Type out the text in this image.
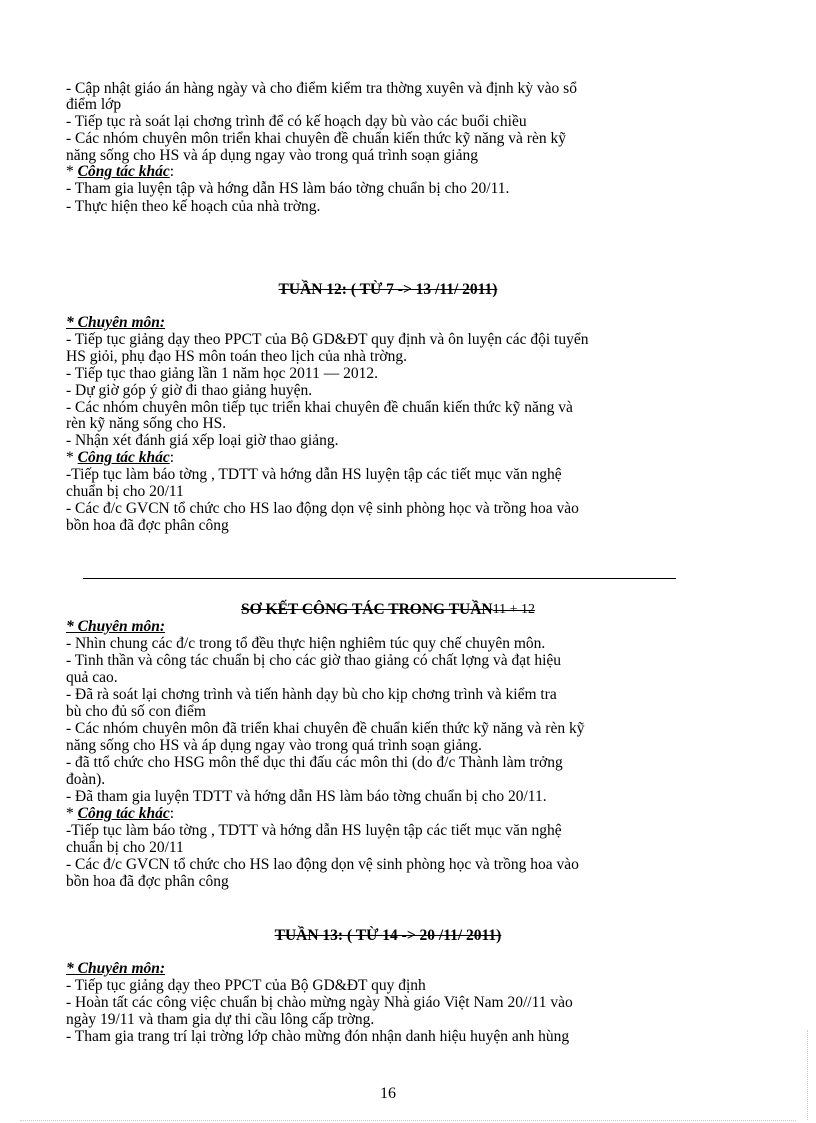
- Cập nhật giáo án hàng ngày và cho điểm kiểm tra thờng xuyên và định kỳ vào sổ
điểm lớp
- Tiếp tục rà soát lại chơng trình để có kế hoạch dạy bù vào các buổi chiều
- Các nhóm chuyên môn triển khai chuyên đề chuẩn kiến thức kỹ năng và rèn kỹ
năng sống cho HS và áp dụng ngay vào trong quá trình soạn giảng
* Công tác khác:
- Tham gia luyện tập và hớng dẫn HS làm báo tờng chuẩn bị cho 20/11.
- Thực hiện theo kế hoạch của nhà trờng.
TUẦN 12: ( TỪ 7 -> 13 /11/ 2011)
* Chuyên môn:
- Tiếp tục giảng dạy theo PPCT của Bộ GD&ĐT quy định và ôn luyện các đội tuyển
HS giỏi, phụ đạo HS môn toán theo lịch của nhà trờng.
- Tiếp tục thao giảng lần 1 năm học 2011 — 2012.
- Dự giờ góp ý giờ đi thao giảng huyện.
- Các nhóm chuyên môn tiếp tục triển khai chuyên đề chuẩn kiến thức kỹ năng và
rèn kỹ năng sống cho HS.
- Nhận xét đánh giá xếp loại giờ thao giảng.
* Công tác khác:
-Tiếp tục làm báo tờng , TDTT và hớng dẫn HS luyện tập các tiết mục văn nghệ
chuẩn bị cho 20/11
- Các đ/c GVCN tổ chức cho HS lao động dọn vệ sinh phòng học và trồng hoa vào
bồn hoa đã đợc phân công
SƠ KẾT CÔNG TÁC TRONG TUẦN11 + 12
* Chuyên môn:
- Nhìn chung các đ/c trong tổ đều thực hiện nghiêm túc quy chế chuyên môn.
- Tinh thần và công tác chuẩn bị cho các giờ thao giảng có chất lợng và đạt hiệu
quả cao.
- Đã rà soát lại chơng trình và tiến hành dạy bù cho kịp chơng trình và kiểm tra
bù cho đủ số con điểm
- Các nhóm chuyên môn đã triển khai chuyên đề chuẩn kiến thức kỹ năng và rèn kỹ
năng sống cho HS và áp dụng ngay vào trong quá trình soạn giảng.
- đã ttổ chức cho HSG môn thể dục thi đấu các môn thi (do đ/c Thành làm trởng
đoàn).
- Đã tham gia luyện TDTT và hớng dẫn HS làm báo tờng chuẩn bị cho 20/11.
* Công tác khác:
-Tiếp tục làm báo tờng , TDTT và hớng dẫn HS luyện tập các tiết mục văn nghệ
chuẩn bị cho 20/11
- Các đ/c GVCN tổ chức cho HS lao động dọn vệ sinh phòng học và trồng hoa vào
bồn hoa đã đợc phân công
TUẦN 13: ( TỪ 14 -> 20 /11/ 2011)
* Chuyên môn:
- Tiếp tục giảng dạy theo PPCT của Bộ GD&ĐT quy định
- Hoàn tất các công việc chuẩn bị chào mừng ngày Nhà giáo Việt Nam 20//11 vào
ngày 19/11 và tham gia dự thi cầu lông cấp trờng.
- Tham gia trang trí lại trờng lớp chào mừng đón nhận danh hiệu huyện anh hùng
16
